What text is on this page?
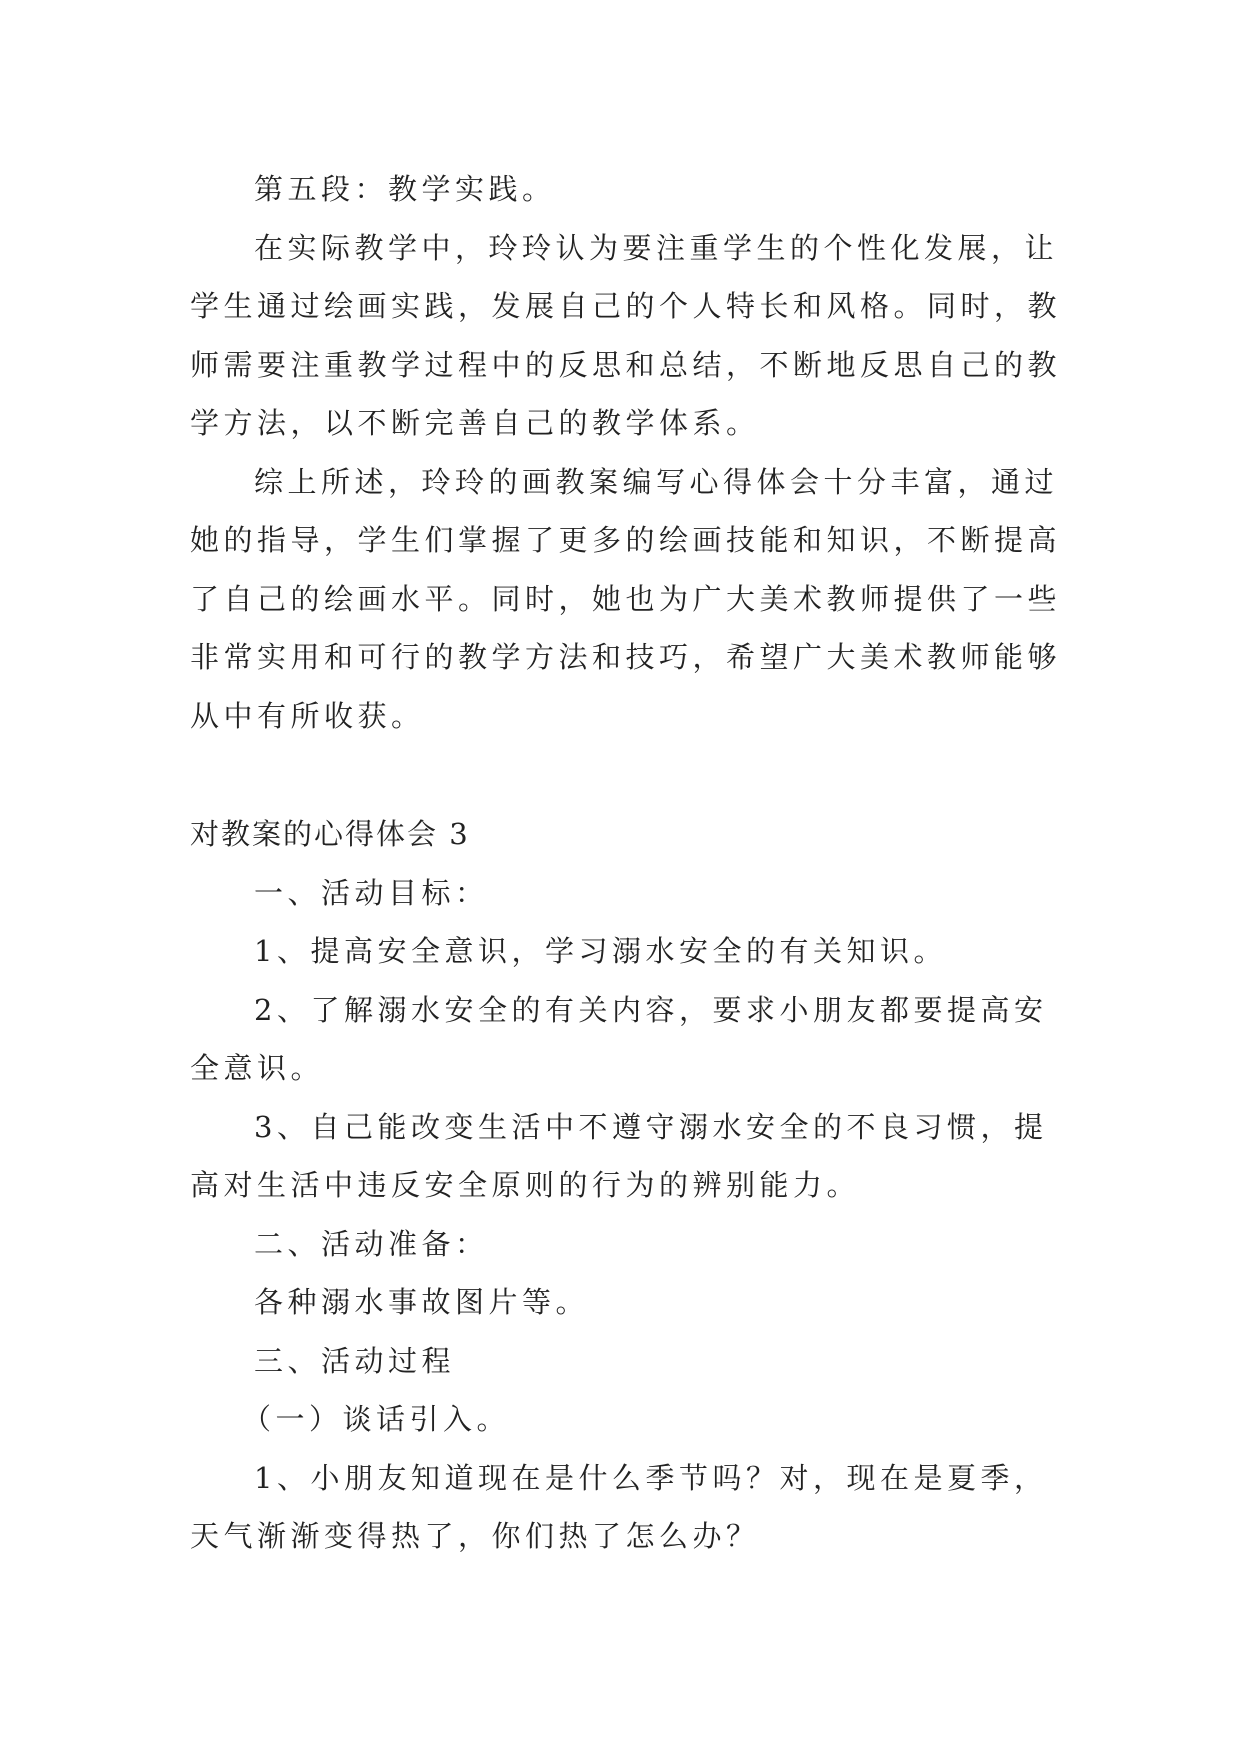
第五段：教学实践。

在实际教学中，玲玲认为要注重学生的个性化发展，让

学生通过绘画实践，发展自己的个人特长和风格。同时，教

师需要注重教学过程中的反思和总结，不断地反思自己的教

学方法，以不断完善自己的教学体系。

综上所述，玲玲的画教案编写心得体会十分丰富，通过

她的指导，学生们掌握了更多的绘画技能和知识，不断提高

了自己的绘画水平。同时，她也为广大美术教师提供了一些

非常实用和可行的教学方法和技巧，希望广大美术教师能够

从中有所收获。

对教案的心得体会 3

一、活动目标：

1、提高安全意识，学习溺水安全的有关知识。

2、了解溺水安全的有关内容，要求小朋友都要提高安

全意识。

3、自己能改变生活中不遵守溺水安全的不良习惯，提

高对生活中违反安全原则的行为的辨别能力。

二、活动准备：

各种溺水事故图片等。

三、活动过程

（一）谈话引入。

1、小朋友知道现在是什么季节吗？对，现在是夏季，

天气渐渐变得热了，你们热了怎么办？
